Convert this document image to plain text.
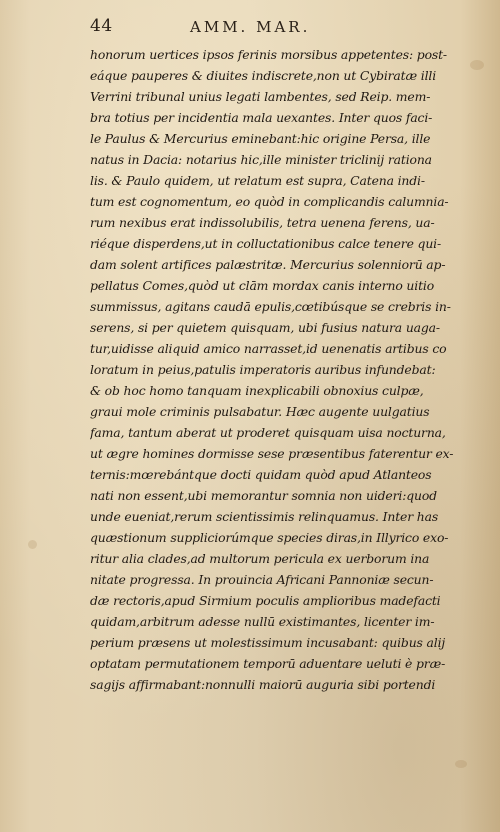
44	AMM. MAR.
honorum uertices ipsos ferinis morsibus appetentes: post-
eáque pauperes & diuites indiscrete,non ut Cybiratæ illi
Verrini tribunal unius legati lambentes, sed Reip. mem-
bra totius per incidentia mala uexantes. Inter quos faci-
le Paulus & Mercurius eminebant:hic origine Persa, ille
natus in Dacia: notarius hic,ille minister triclinij rationa
lis. & Paulo quidem, ut relatum est supra, Catena indi-
tum est cognomentum, eo quòd in complicandis calumnia-
rum nexibus erat indissolubilis, tetra uenena ferens, ua-
riéque disperdens,ut in colluctationibus calce tenere qui-
dam solent artifices palæstritæ. Mercurius solenniorū ap-
pellatus Comes,quòd ut clām mordax canis interno uitio
summissus, agitans caudā epulis,cœtibúsque se crebris in-
serens, si per quietem quisquam, ubi fusius natura uaga-
tur,uidisse aliquid amico narrasset,id uenenatis artibus co
loratum in peius,patulis imperatoris auribus infundebat:
& ob hoc homo tanquam inexplicabili obnoxius culpæ,
graui mole criminis pulsabatur. Hæc augente uulgatius
fama, tantum aberat ut proderet quisquam uisa nocturna,
ut ægre homines dormisse sese præsentibus faterentur ex-
ternis:mœrebántque docti quidam quòd apud Atlanteos
nati non essent,ubi memorantur somnia non uideri:quod
unde eueniat,rerum scientissimis relinquamus. Inter has
quæstionum suppliciorúmque species diras,in Illyrico exo-
ritur alia clades,ad multorum pericula ex uerborum ina
nitate progressa. In prouincia Africani Pannoniæ secun-
dæ rectoris,apud Sirmium poculis amplioribus madefacti
quidam,arbitrum adesse nullū existimantes, licenter im-
perium præsens ut molestissimum incusabant: quibus alij
optatam permutationem temporū aduentare ueluti è præ-
sagijs affirmabant:nonnulli maiorū auguria sibi portendi
